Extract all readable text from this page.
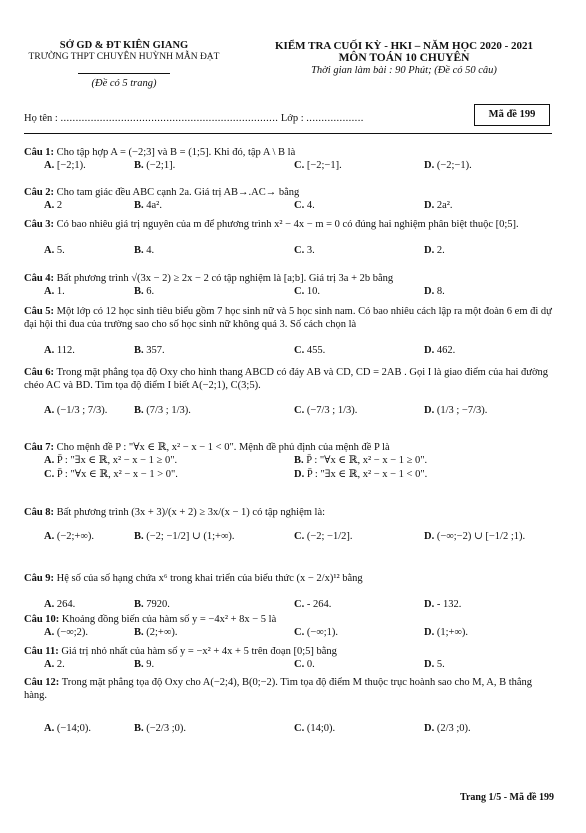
SỞ GD & ĐT KIÊN GIANG
TRƯỜNG THPT CHUYÊN HUỲNH MẪN ĐẠT
(Đề có 5 trang)
KIỂM TRA CUỐI KỲ - HKI – NĂM HỌC 2020 - 2021
MÔN TOÁN 10 CHUYÊN
Thời gian làm bài : 90 Phút; (Đề có 50 câu)
Họ tên : ........................................................................ Lớp : ...................	Mã đề 199
Câu 1: Cho tập hợp A = (−2;3] và B = (1;5]. Khi đó, tập A \ B là
A. [−2;1).	B. (−2;1].	C. [−2;−1].	D. (−2;−1).
Câu 2: Cho tam giác đều ABC cạnh 2a. Giá trị AB→.AC→ bằng
A. 2	B. 4a².	C. 4.	D. 2a².
Câu 3: Có bao nhiêu giá trị nguyên của m để phương trình x² − 4x − m = 0 có đúng hai nghiệm phân biệt thuộc [0;5].
A. 5.	B. 4.	C. 3.	D. 2.
Câu 4: Bất phương trình √(3x − 2) ≥ 2x − 2 có tập nghiệm là [a;b]. Giá trị 3a + 2b bằng
A. 1.	B. 6.	C. 10.	D. 8.
Câu 5: Một lớp có 12 học sinh tiêu biểu gồm 7 học sinh nữ và 5 học sinh nam. Có bao nhiêu cách lập ra một đoàn 6 em đi dự đại hội thi đua của trường sao cho số học sinh nữ không quá 3. Số cách chọn là
A. 112.	B. 357.	C. 455.	D. 462.
Câu 6: Trong mặt phẳng tọa độ Oxy cho hình thang ABCD có đáy AB và CD, CD = 2AB . Gọi I là giao điểm của hai đường chéo AC và BD. Tìm tọa độ điểm I biết A(−2;1), C(3;5).
A. (−1/3 ; 7/3).	B. (7/3 ; 1/3).	C. (−7/3 ; 1/3).	D. (1/3 ; −7/3).
Câu 7: Cho mệnh đề P : "∀x ∈ ℝ, x² − x − 1 < 0". Mệnh đề phủ định của mệnh đề P là
A. P̄ : "∃x ∈ ℝ, x² − x − 1 ≥ 0".	B. P̄ : "∀x ∈ ℝ, x² − x − 1 ≥ 0".
C. P̄ : "∀x ∈ ℝ, x² − x − 1 > 0".	D. P̄ : "∃x ∈ ℝ, x² − x − 1 < 0".
Câu 8: Bất phương trình (3x + 3)/(x + 2) ≥ 3x/(x − 1) có tập nghiệm là:
A. (−2;+∞).	B. (−2; −1/2] ∪ (1;+∞).	C. (−2; −1/2].	D. (−∞;−2) ∪ [−1/2 ;1).
Câu 9: Hệ số của số hạng chứa x⁶ trong khai triển của biểu thức (x − 2/x)¹² bằng
A. 264.	B. 7920.	C. - 264.	D. - 132.
Câu 10: Khoảng đồng biến của hàm số y = −4x² + 8x − 5 là
A. (−∞;2).	B. (2;+∞).	C. (−∞;1).	D. (1;+∞).
Câu 11: Giá trị nhỏ nhất của hàm số y = −x² + 4x + 5 trên đoạn [0;5] bằng
A. 2.	B. 9.	C. 0.	D. 5.
Câu 12: Trong mặt phẳng tọa độ Oxy cho A(−2;4), B(0;−2). Tìm tọa độ điểm M thuộc trục hoành sao cho M, A, B thẳng hàng.
A. (−14;0).	B. (−2/3 ;0).	C. (14;0).	D. (2/3 ;0).
Trang 1/5 - Mã đề 199
